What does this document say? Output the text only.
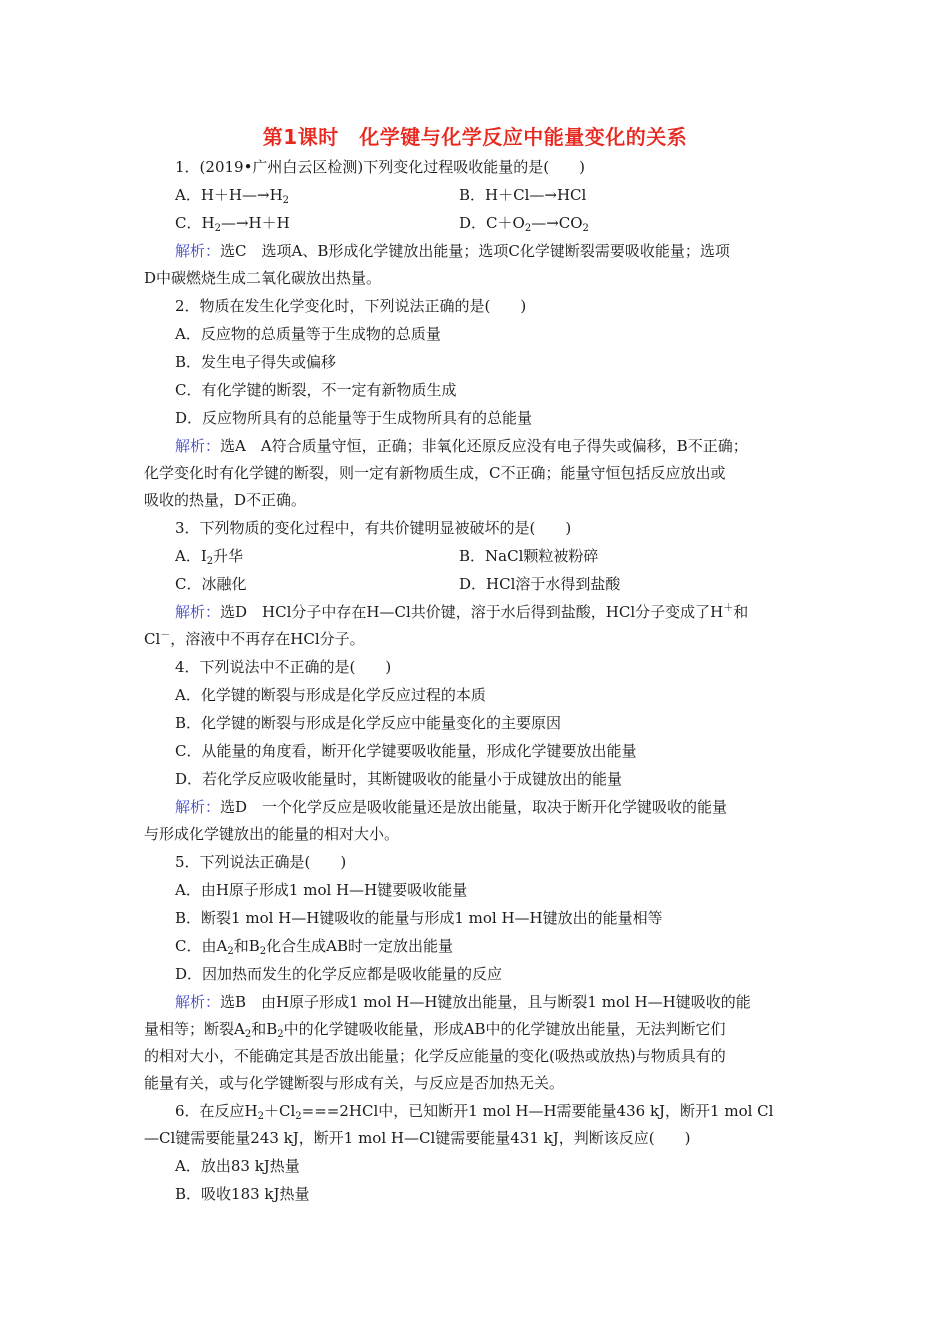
第1课时　化学键与化学反应中能量变化的关系
1．(2019•广州白云区检测)下列变化过程吸收能量的是(　　)
A．$H+H—\to H_2$	B．H＋Cl—→HCl
C．$H_2—\to H+H$	D．$C+O_2—\to CO_2$
解析：选C　选项A、B形成化学键放出能量；选项C化学键断裂需要吸收能量；选项
D中碳燃烧生成二氧化碳放出热量。
2．物质在发生化学变化时，下列说法正确的是(　　)
A．反应物的总质量等于生成物的总质量
B．发生电子得失或偏移
C．有化学键的断裂，不一定有新物质生成
D．反应物所具有的总能量等于生成物所具有的总能量
解析：选A　A符合质量守恒，正确；非氧化还原反应没有电子得失或偏移，B不正确；
化学变化时有化学键的断裂，则一定有新物质生成，C不正确；能量守恒包括反应放出或
吸收的热量，D不正确。
3．下列物质的变化过程中，有共价键明显被破坏的是(　　)
A．$I_2$升华	B．NaCl颗粒被粉碎
C．冰融化	D．HCl溶于水得到盐酸
解析：选D　HCl分子中存在H—Cl共价键，溶于水后得到盐酸，HCl分子变成了H＋和
Cl－，溶液中不再存在HCl分子。
4．下列说法中不正确的是(　　)
A．化学键的断裂与形成是化学反应过程的本质
B．化学键的断裂与形成是化学反应中能量变化的主要原因
C．从能量的角度看，断开化学键要吸收能量，形成化学键要放出能量
D．若化学反应吸收能量时，其断键吸收的能量小于成键放出的能量
解析：选D　一个化学反应是吸收能量还是放出能量，取决于断开化学键吸收的能量
与形成化学键放出的能量的相对大小。
5．下列说法正确是(　　)
A．由H原子形成1 mol H—H键要吸收能量
B．断裂1 mol H—H键吸收的能量与形成1 mol H—H键放出的能量相等
C．由$A_2$和$B_2$化合生成AB时一定放出能量
D．因加热而发生的化学反应都是吸收能量的反应
解析：选B　由H原子形成1 mol H—H键放出能量，且与断裂1 mol H—H键吸收的能
量相等；断裂$A_2$和$B_2$中的化学键吸收能量，形成AB中的化学键放出能量，无法判断它们
的相对大小，不能确定其是否放出能量；化学反应能量的变化(吸热或放热)与物质具有的
能量有关，或与化学键断裂与形成有关，与反应是否加热无关。
6．在反应$H_2+Cl_2===2HCl$中，已知断开1 mol H—H需要能量436 kJ，断开1 mol Cl
—Cl键需要能量243 kJ，断开1 mol H—Cl键需要能量431 kJ，判断该反应(　　)
A．放出83 kJ热量
B．吸收183 kJ热量
